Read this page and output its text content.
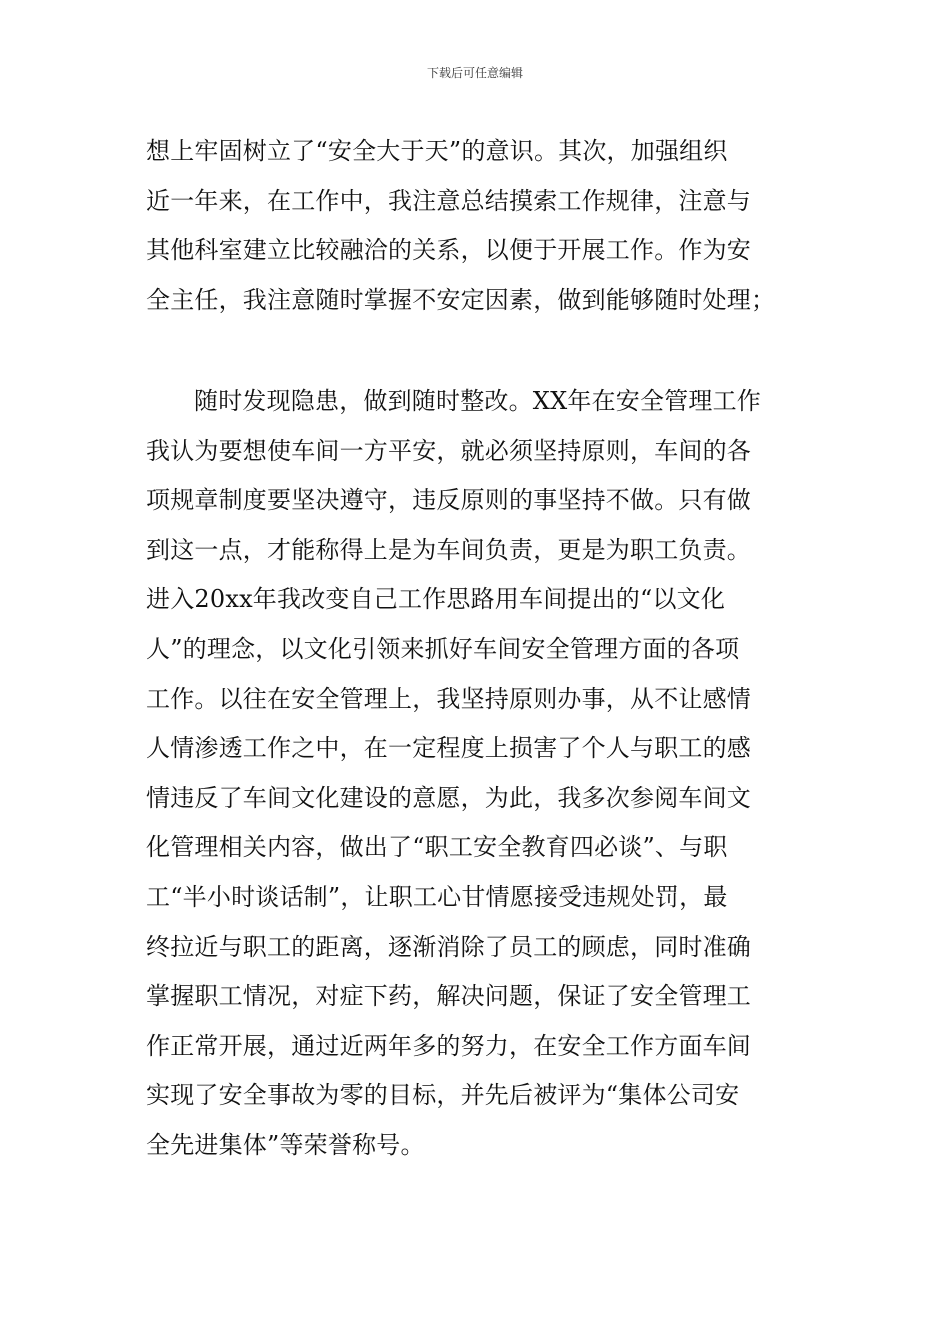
下载后可任意编辑
想上牢固树立了“安全大于天”的意识。其次，加强组织
近一年来，在工作中，我注意总结摸索工作规律，注意与
其他科室建立比较融洽的关系，以便于开展工作。作为安
全主任，我注意随时掌握不安定因素，做到能够随时处理；
随时发现隐患，做到随时整改。XX年在安全管理工作
我认为要想使车间一方平安，就必须坚持原则，车间的各
项规章制度要坚决遵守，违反原则的事坚持不做。只有做
到这一点，才能称得上是为车间负责，更是为职工负责。
进入20xx年我改变自己工作思路用车间提出的“以文化
人”的理念，以文化引领来抓好车间安全管理方面的各项
工作。以往在安全管理上，我坚持原则办事，从不让感情
人情渗透工作之中，在一定程度上损害了个人与职工的感
情违反了车间文化建设的意愿，为此，我多次参阅车间文
化管理相关内容，做出了“职工安全教育四必谈”、与职
工“半小时谈话制”，让职工心甘情愿接受违规处罚，最
终拉近与职工的距离，逐渐消除了员工的顾虑，同时准确
掌握职工情况，对症下药，解决问题，保证了安全管理工
作正常开展，通过近两年多的努力，在安全工作方面车间
实现了安全事故为零的目标，并先后被评为“集体公司安
全先进集体”等荣誉称号。
